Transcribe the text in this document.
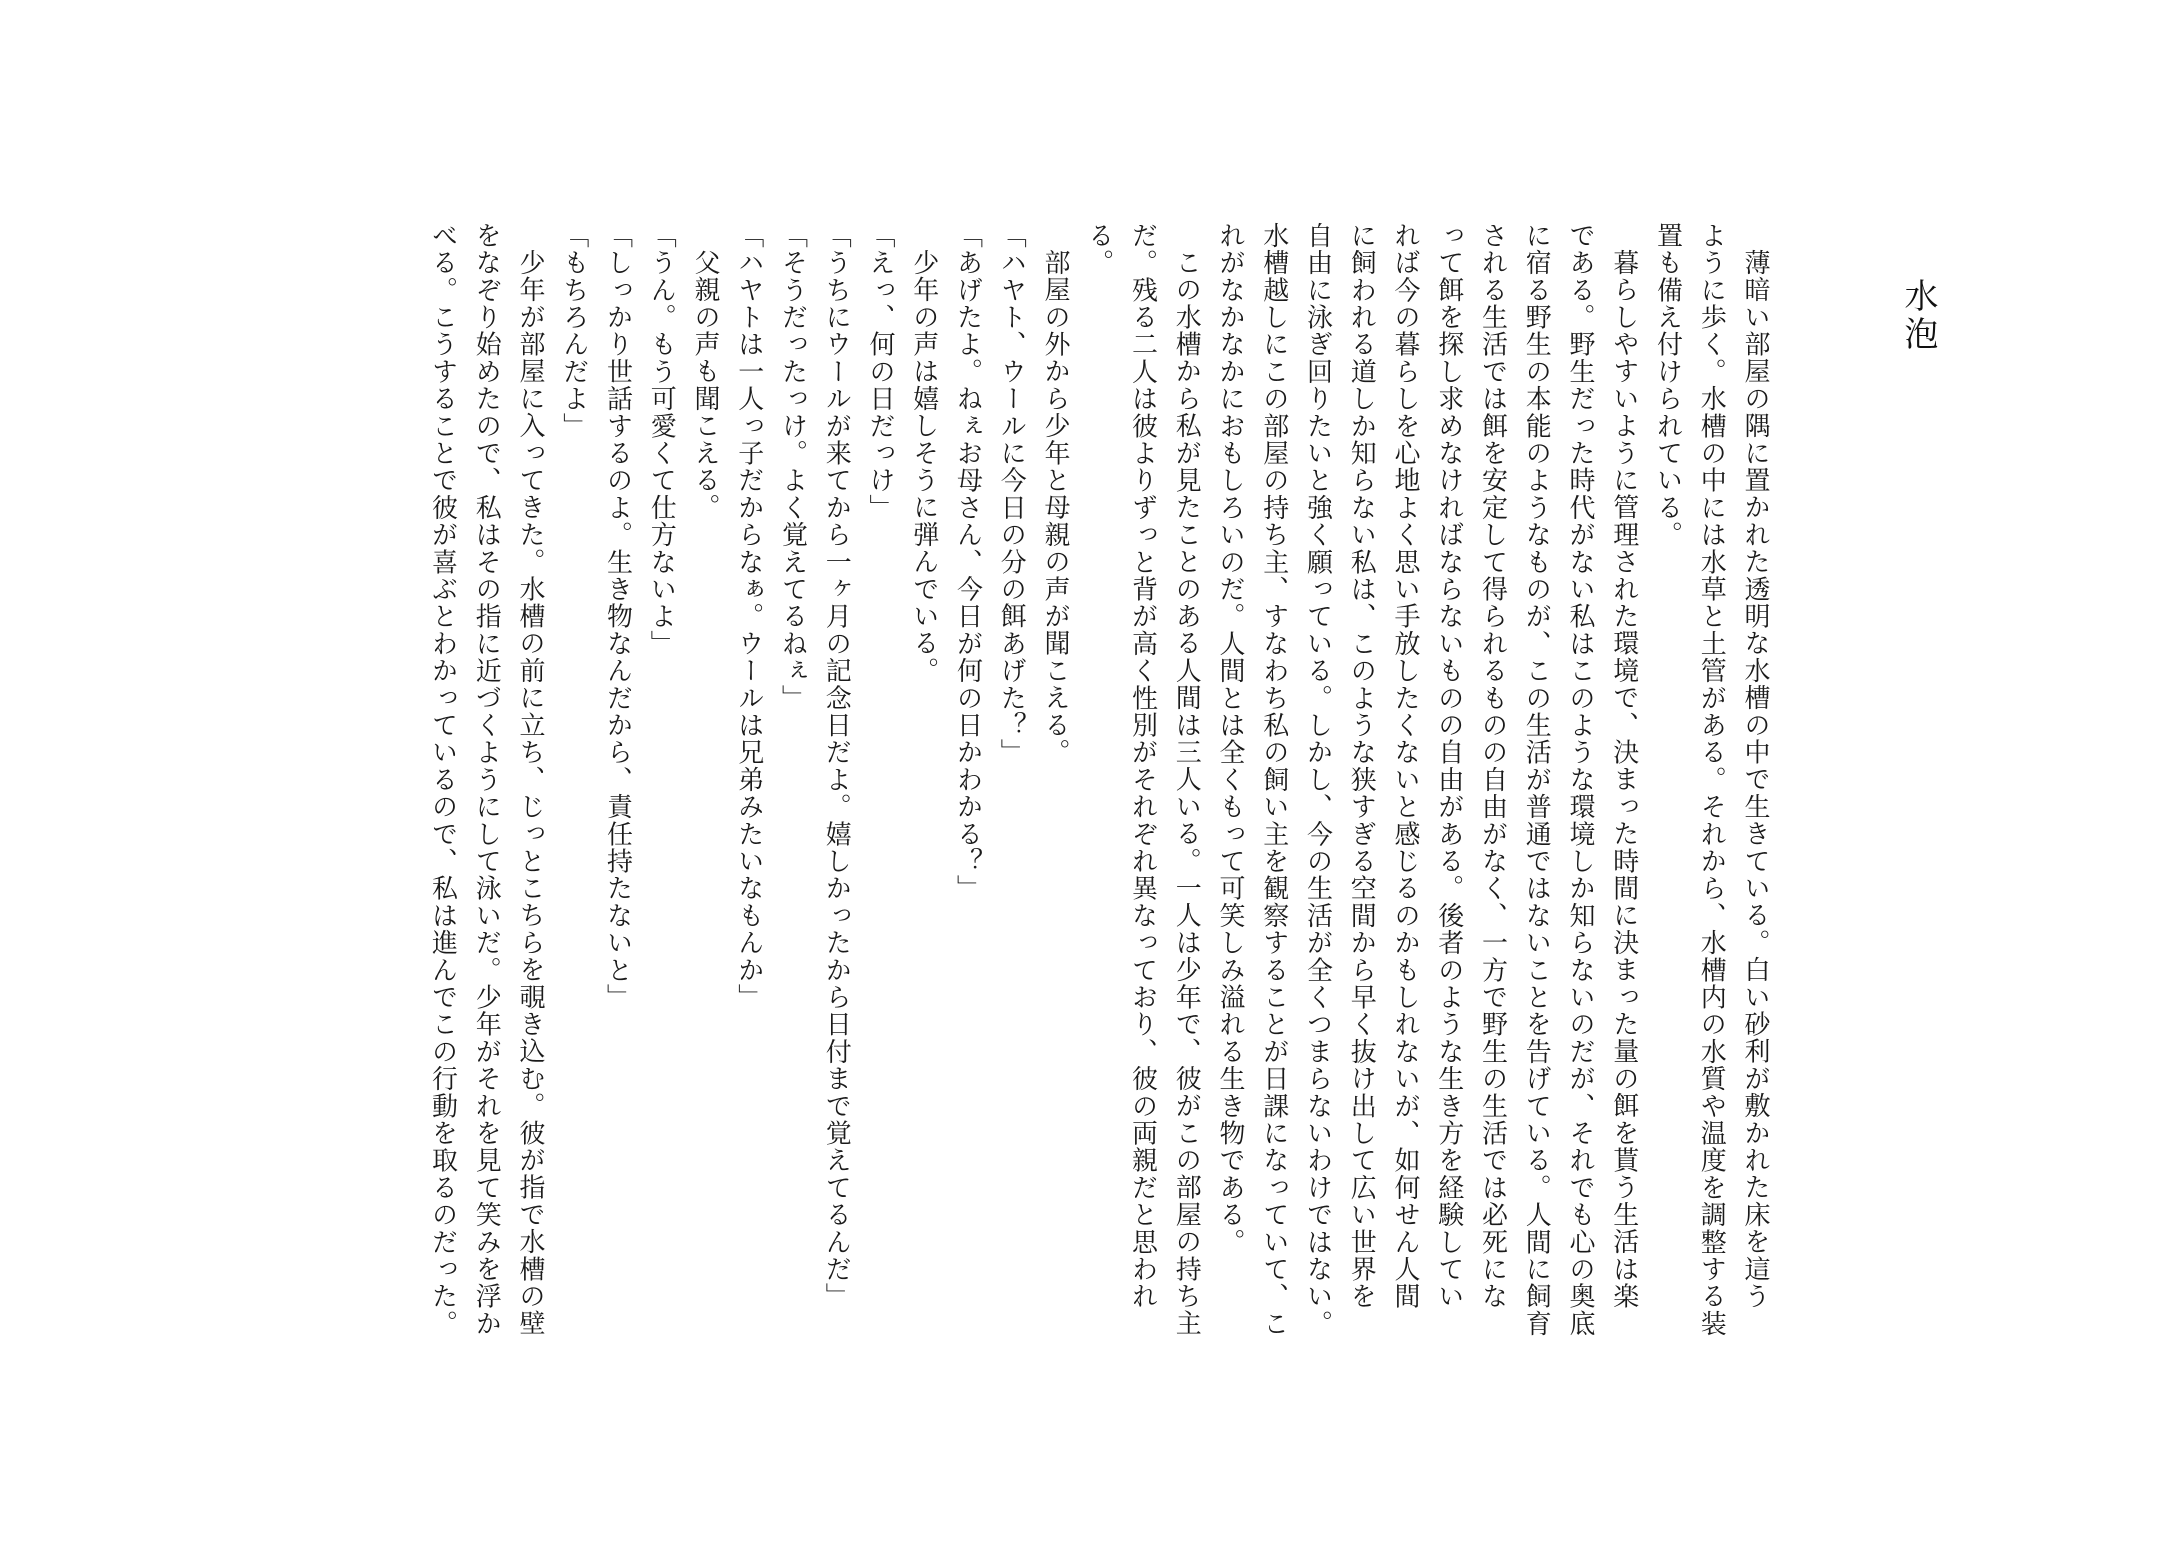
水泡
薄暗い部屋の隅に置かれた透明な水槽の中で生きている。白い砂利が敷かれた床を這う
ように歩く。水槽の中には水草と土管がある。それから、水槽内の水質や温度を調整する装
置も備え付けられている。
暮らしやすいように管理された環境で、決まった時間に決まった量の餌を貰う生活は楽
である。野生だった時代がない私はこのような環境しか知らないのだが、それでも心の奥底
に宿る野生の本能のようなものが、この生活が普通ではないことを告げている。人間に飼育
される生活では餌を安定して得られるものの自由がなく、一方で野生の生活では必死にな
って餌を探し求めなければならないものの自由がある。後者のような生き方を経験してい
れば今の暮らしを心地よく思い手放したくないと感じるのかもしれないが、如何せん人間
に飼われる道しか知らない私は、このような狭すぎる空間から早く抜け出して広い世界を
自由に泳ぎ回りたいと強く願っている。しかし、今の生活が全くつまらないわけではない。
水槽越しにこの部屋の持ち主、すなわち私の飼い主を観察することが日課になっていて、こ
れがなかなかにおもしろいのだ。人間とは全くもって可笑しみ溢れる生き物である。
この水槽から私が見たことのある人間は三人いる。一人は少年で、彼がこの部屋の持ち主
だ。残る二人は彼よりずっと背が高く性別がそれぞれ異なっており、彼の両親だと思われ
る。
部屋の外から少年と母親の声が聞こえる。
「ハヤト、ウールに今日の分の餌あげた？」
「あげたよ。ねぇお母さん、今日が何の日かわかる？」
少年の声は嬉しそうに弾んでいる。
「えっ、何の日だっけ」
「うちにウールが来てから一ヶ月の記念日だよ。嬉しかったから日付まで覚えてるんだ」
「そうだったっけ。よく覚えてるねぇ」
「ハヤトは一人っ子だからなぁ。ウールは兄弟みたいなもんか」
父親の声も聞こえる。
「うん。もう可愛くて仕方ないよ」
「しっかり世話するのよ。生き物なんだから、責任持たないと」
「もちろんだよ」
少年が部屋に入ってきた。水槽の前に立ち、じっとこちらを覗き込む。彼が指で水槽の壁
をなぞり始めたので、私はその指に近づくようにして泳いだ。少年がそれを見て笑みを浮か
べる。こうすることで彼が喜ぶとわかっているので、私は進んでこの行動を取るのだった。
